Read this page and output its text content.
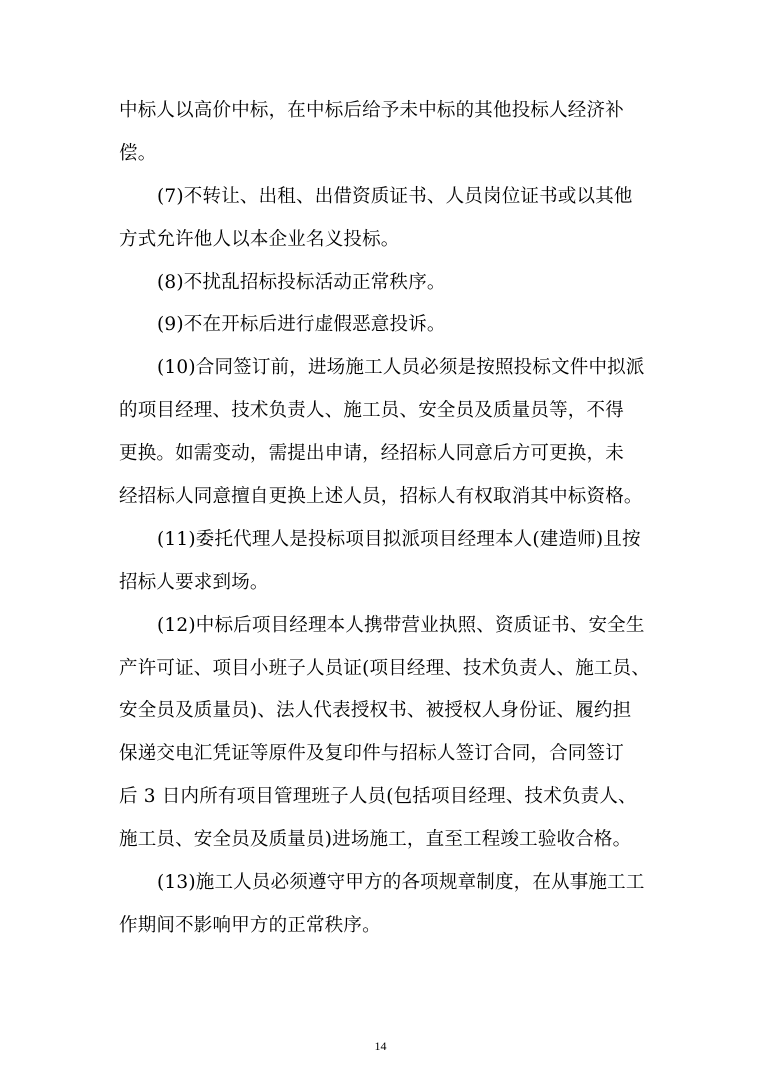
中标人以高价中标，在中标后给予未中标的其他投标人经济补
偿。
(7)不转让、出租、出借资质证书、人员岗位证书或以其他
方式允许他人以本企业名义投标。
(8)不扰乱招标投标活动正常秩序。
(9)不在开标后进行虚假恶意投诉。
(10)合同签订前，进场施工人员必须是按照投标文件中拟派
的项目经理、技术负责人、施工员、安全员及质量员等，不得
更换。如需变动，需提出申请，经招标人同意后方可更换，未
经招标人同意擅自更换上述人员，招标人有权取消其中标资格。
(11)委托代理人是投标项目拟派项目经理本人(建造师)且按
招标人要求到场。
(12)中标后项目经理本人携带营业执照、资质证书、安全生
产许可证、项目小班子人员证(项目经理、技术负责人、施工员、
安全员及质量员)、法人代表授权书、被授权人身份证、履约担
保递交电汇凭证等原件及复印件与招标人签订合同，合同签订
后 3 日内所有项目管理班子人员(包括项目经理、技术负责人、
施工员、安全员及质量员)进场施工，直至工程竣工验收合格。
(13)施工人员必须遵守甲方的各项规章制度，在从事施工工
作期间不影响甲方的正常秩序。
14
